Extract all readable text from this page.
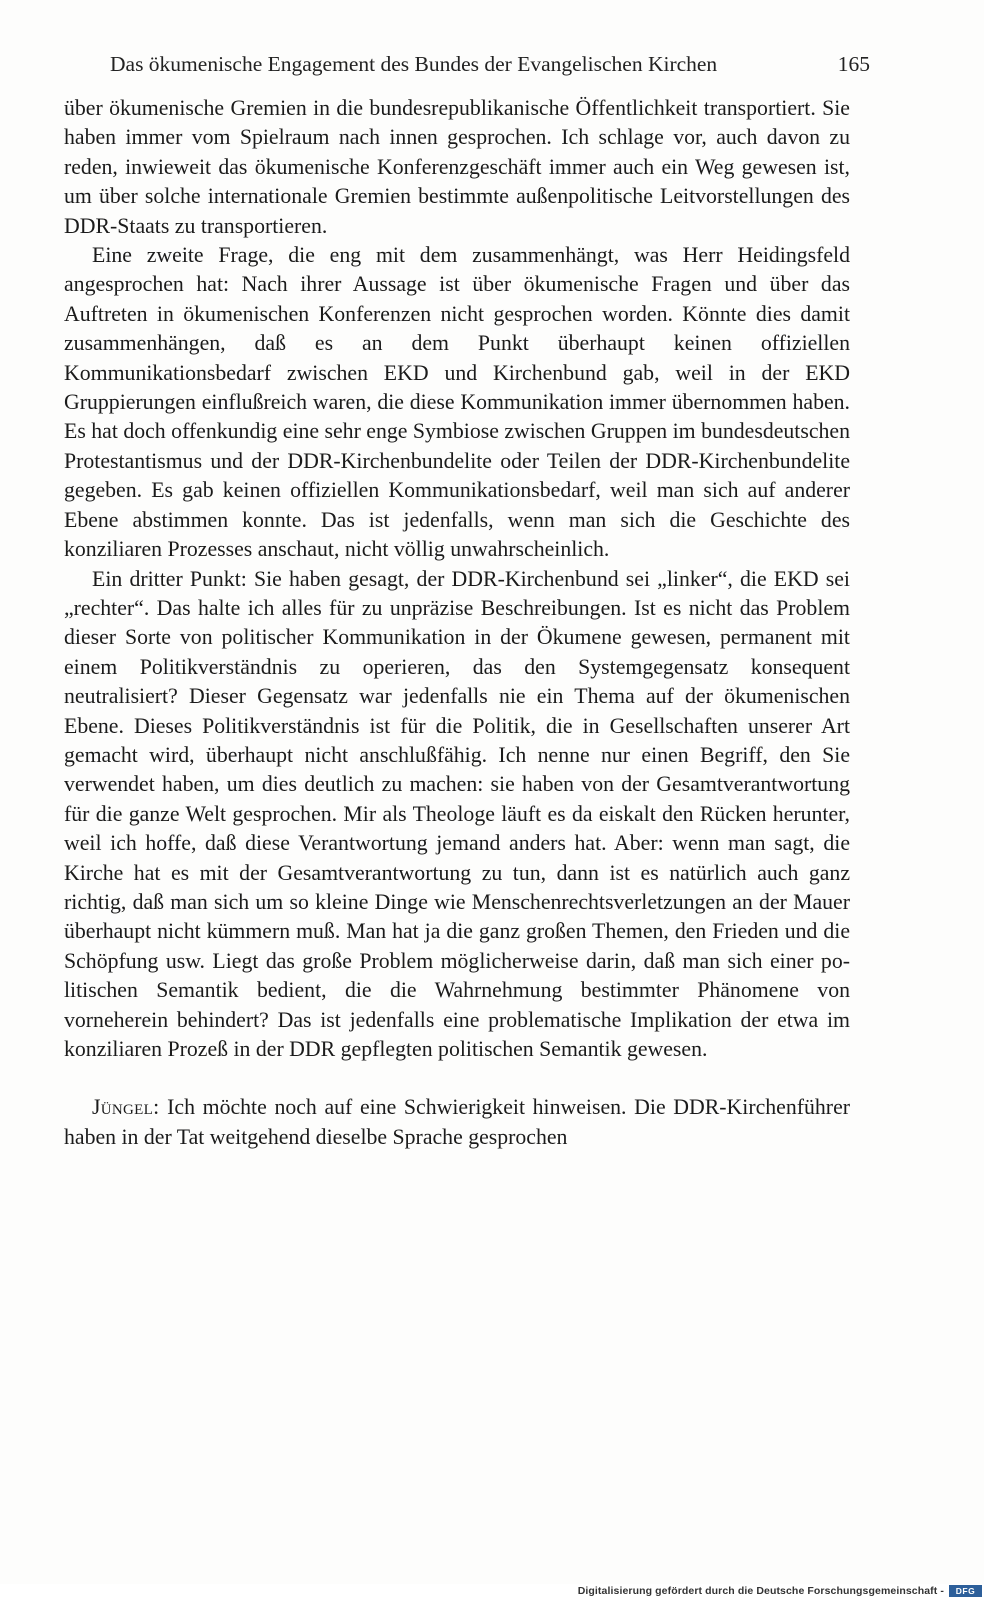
Das ökumenische Engagement des Bundes der Evangelischen Kirchen	165

über ökumenische Gremien in die bundesrepublikanische Öffentlichkeit transportiert. Sie haben immer vom Spielraum nach innen gesprochen. Ich schlage vor, auch davon zu reden, inwieweit das ökumenische Konferenzgeschäft immer auch ein Weg gewesen ist, um über solche internationale Gremien bestimmte außenpolitische Leitvorstellungen des DDR-Staats zu transportieren.

Eine zweite Frage, die eng mit dem zusammenhängt, was Herr Heidingsfeld angesprochen hat: Nach ihrer Aussage ist über ökumenische Fragen und über das Auftreten in ökumenischen Konferenzen nicht gesprochen worden. Könnte dies damit zusammenhängen, daß es an dem Punkt überhaupt keinen offiziellen Kommunikationsbedarf zwischen EKD und Kirchenbund gab, weil in der EKD Gruppierungen einflußreich waren, die diese Kommunikation immer übernommen haben. Es hat doch offenkundig eine sehr enge Symbiose zwischen Gruppen im bundesdeutschen Protestantismus und der DDR-Kirchenbundelite oder Teilen der DDR-Kirchenbundelite gegeben. Es gab keinen offiziellen Kommunikationsbedarf, weil man sich auf anderer Ebene abstimmen konnte. Das ist jedenfalls, wenn man sich die Geschichte des konziliaren Prozesses anschaut, nicht völlig unwahrscheinlich.

Ein dritter Punkt: Sie haben gesagt, der DDR-Kirchenbund sei „linker“, die EKD sei „rechter“. Das halte ich alles für zu unpräzise Beschreibungen. Ist es nicht das Problem dieser Sorte von politischer Kommunikation in der Ökumene gewesen, permanent mit einem Politikverständnis zu operieren, das den Systemgegensatz konsequent neutralisiert? Dieser Gegensatz war jedenfalls nie ein Thema auf der ökumenischen Ebene. Dieses Politikverständnis ist für die Politik, die in Gesellschaften unserer Art gemacht wird, überhaupt nicht anschlußfähig. Ich nenne nur einen Begriff, den Sie verwendet haben, um dies deutlich zu machen: sie haben von der Gesamtverantwortung für die ganze Welt gesprochen. Mir als Theologe läuft es da eiskalt den Rücken herunter, weil ich hoffe, daß diese Verantwortung jemand anders hat. Aber: wenn man sagt, die Kirche hat es mit der Gesamtverantwortung zu tun, dann ist es natürlich auch ganz richtig, daß man sich um so kleine Dinge wie Menschenrechtsverletzungen an der Mauer überhaupt nicht kümmern muß. Man hat ja die ganz großen Themen, den Frieden und die Schöpfung usw. Liegt das große Problem möglicherweise darin, daß man sich einer politischen Semantik bedient, die die Wahrnehmung bestimmter Phänomene von vorneherein behindert? Das ist jedenfalls eine problematische Implikation der etwa im konziliaren Prozeß in der DDR gepflegten politischen Semantik gewesen.

Jüngel: Ich möchte noch auf eine Schwierigkeit hinweisen. Die DDR-Kirchenführer haben in der Tat weitgehend dieselbe Sprache gesprochen

Digitalisierung gefördert durch die Deutsche Forschungsgemeinschaft -	DFG
